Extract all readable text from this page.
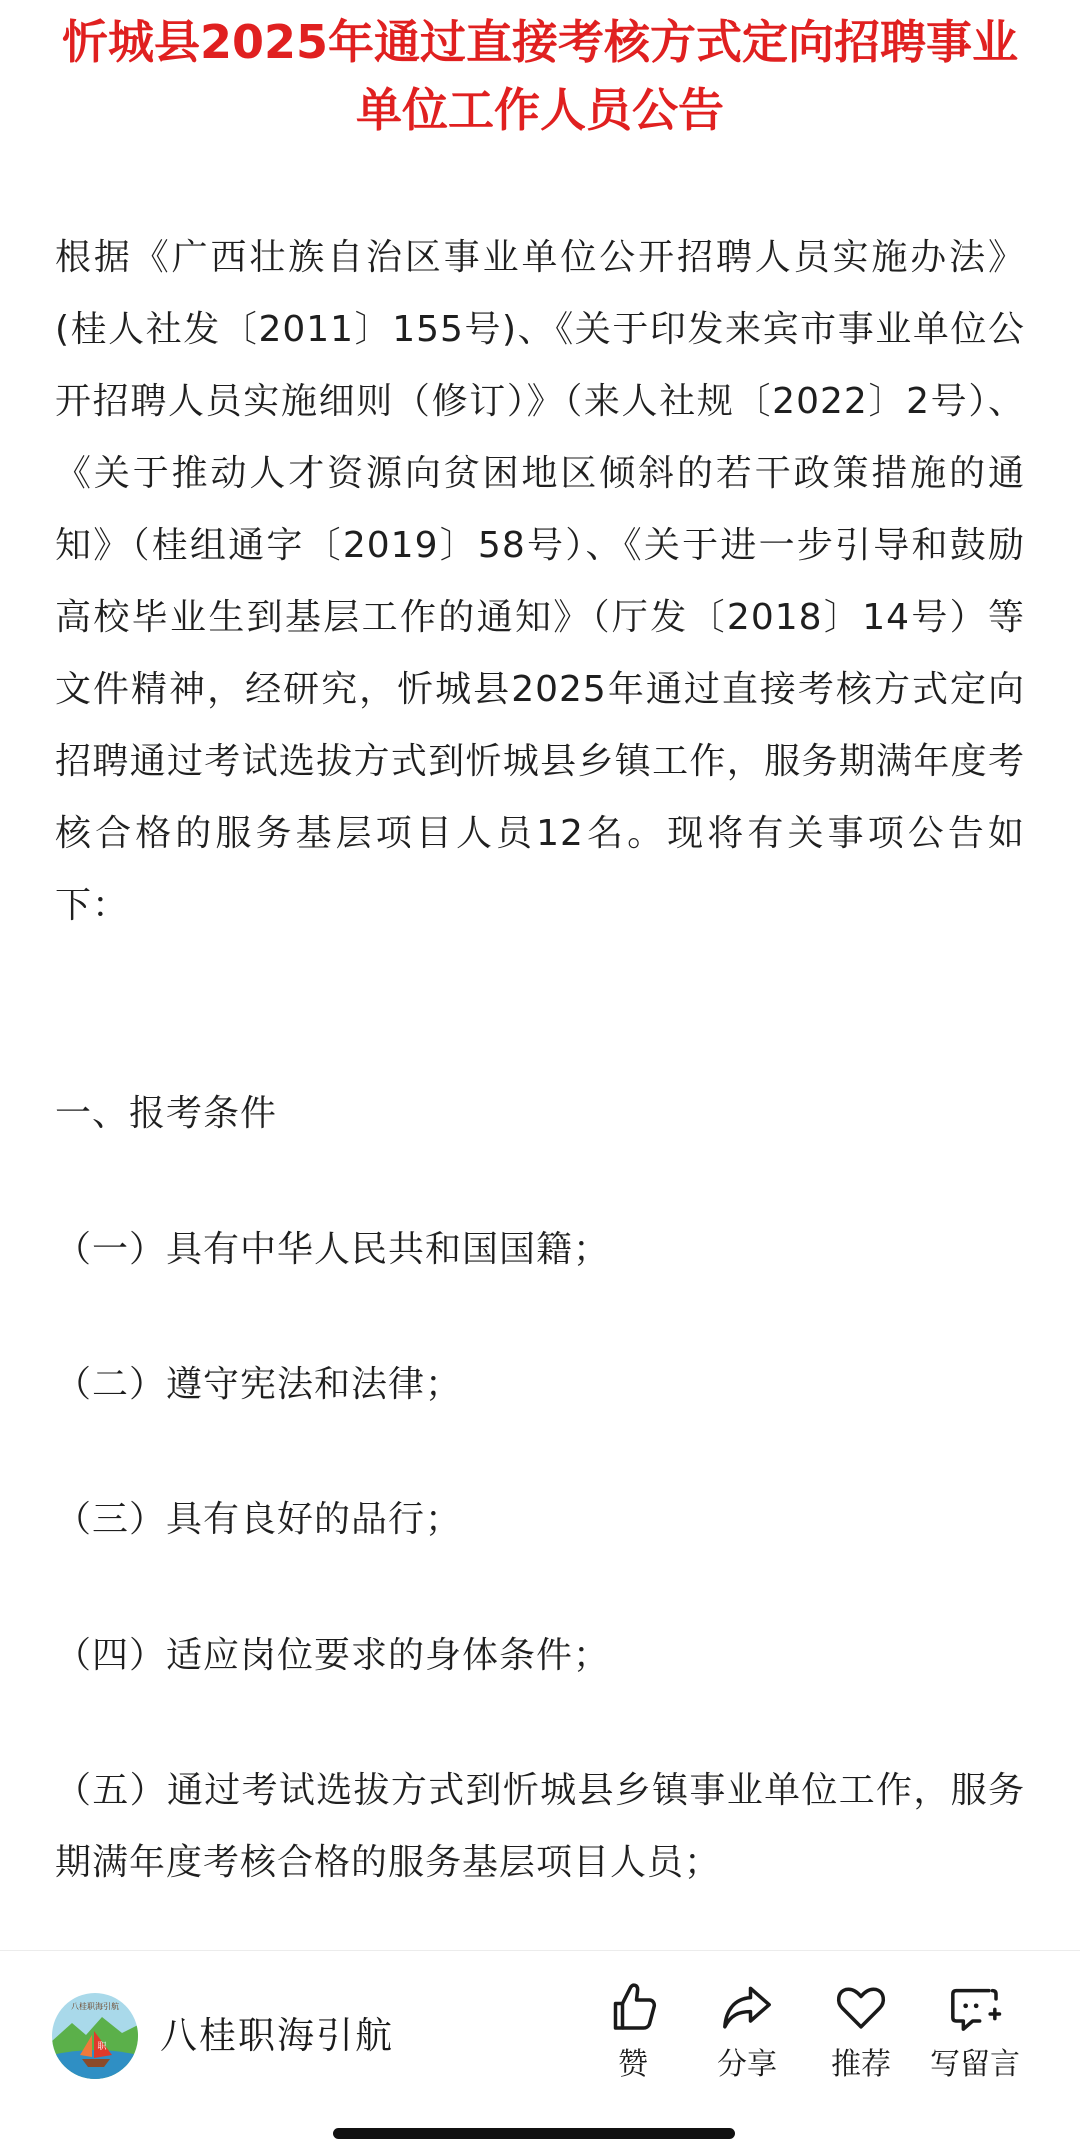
忻城县2025年通过直接考核方式定向招聘事业单位工作人员公告

根据《广西壮族自治区事业单位公开招聘人员实施办法》(桂人社发〔2011〕155号)、《关于印发来宾市事业单位公开招聘人员实施细则（修订）》（来人社规〔2022〕2号）、《关于推动人才资源向贫困地区倾斜的若干政策措施的通知》（桂组通字〔2019〕58号）、《关于进一步引导和鼓励高校毕业生到基层工作的通知》（厅发〔2018〕14号）等文件精神，经研究，忻城县2025年通过直接考核方式定向招聘通过考试选拔方式到忻城县乡镇工作，服务期满年度考核合格的服务基层项目人员12名。现将有关事项公告如下：

一、报考条件

（一）具有中华人民共和国国籍；

（二）遵守宪法和法律；

（三）具有良好的品行；

（四）适应岗位要求的身体条件；

（五）通过考试选拔方式到忻城县乡镇事业单位工作，服务期满年度考核合格的服务基层项目人员；

八桂职海引航
职 八桂职海引航
赞	分享	推荐	写留言
